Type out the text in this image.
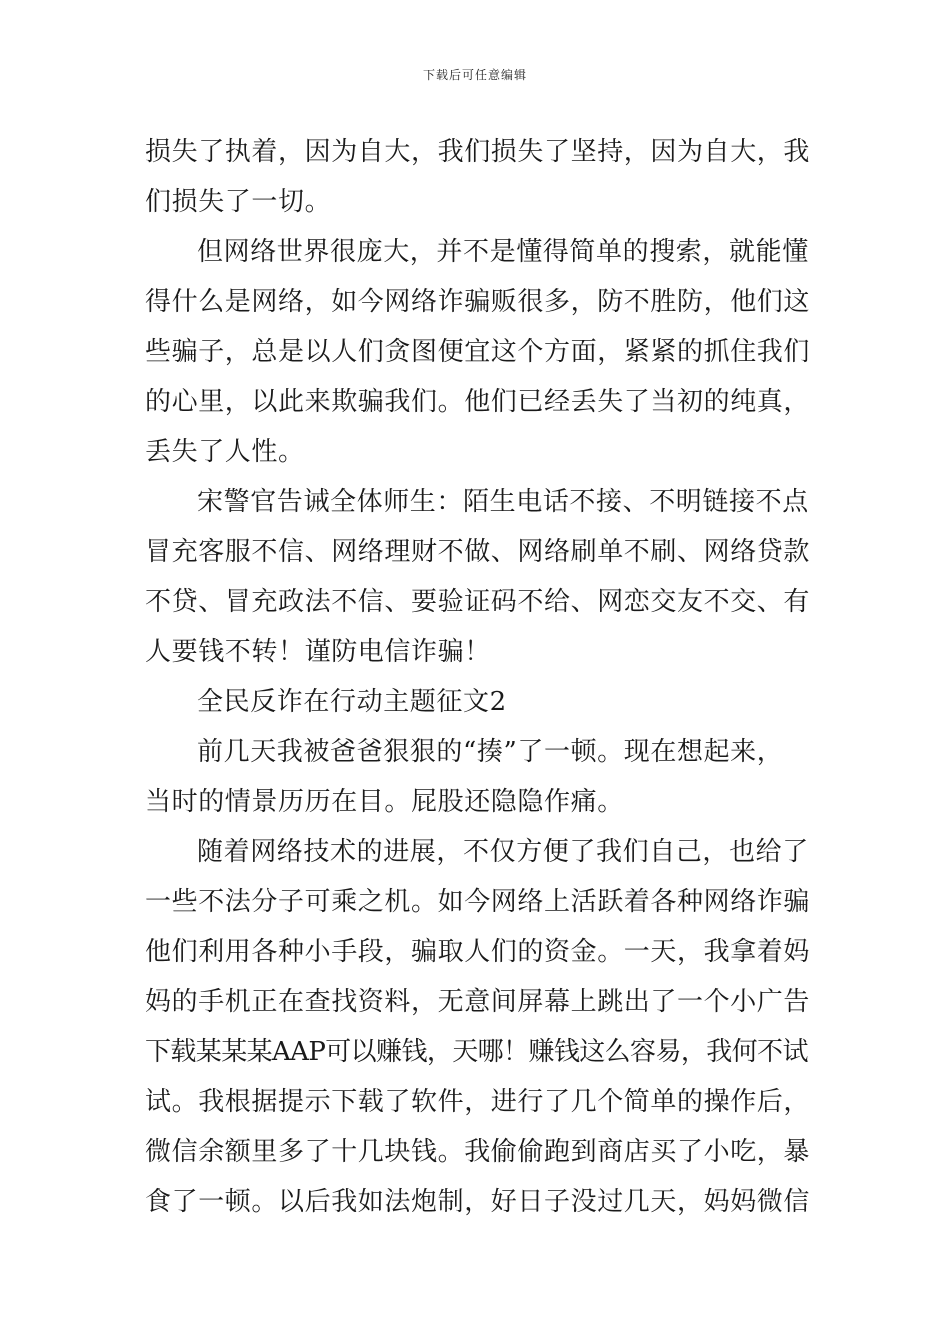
下载后可任意编辑
损失了执着，因为自大，我们损失了坚持，因为自大，我
们损失了一切。
但网络世界很庞大，并不是懂得简单的搜索，就能懂
得什么是网络，如今网络诈骗贩很多，防不胜防，他们这
些骗子，总是以人们贪图便宜这个方面，紧紧的抓住我们
的心里，以此来欺骗我们。他们已经丢失了当初的纯真，
丢失了人性。
宋警官告诫全体师生：陌生电话不接、不明链接不点
冒充客服不信、网络理财不做、网络刷单不刷、网络贷款
不贷、冒充政法不信、要验证码不给、网恋交友不交、有
人要钱不转！谨防电信诈骗！
全民反诈在行动主题征文2
前几天我被爸爸狠狠的“揍”了一顿。现在想起来，
当时的情景历历在目。屁股还隐隐作痛。
随着网络技术的进展，不仅方便了我们自己，也给了
一些不法分子可乘之机。如今网络上活跃着各种网络诈骗
他们利用各种小手段，骗取人们的资金。一天，我拿着妈
妈的手机正在查找资料，无意间屏幕上跳出了一个小广告
下载某某某AAP可以赚钱，天哪！赚钱这么容易，我何不试
试。我根据提示下载了软件，进行了几个简单的操作后，
微信余额里多了十几块钱。我偷偷跑到商店买了小吃，暴
食了一顿。以后我如法炮制，好日子没过几天，妈妈微信
